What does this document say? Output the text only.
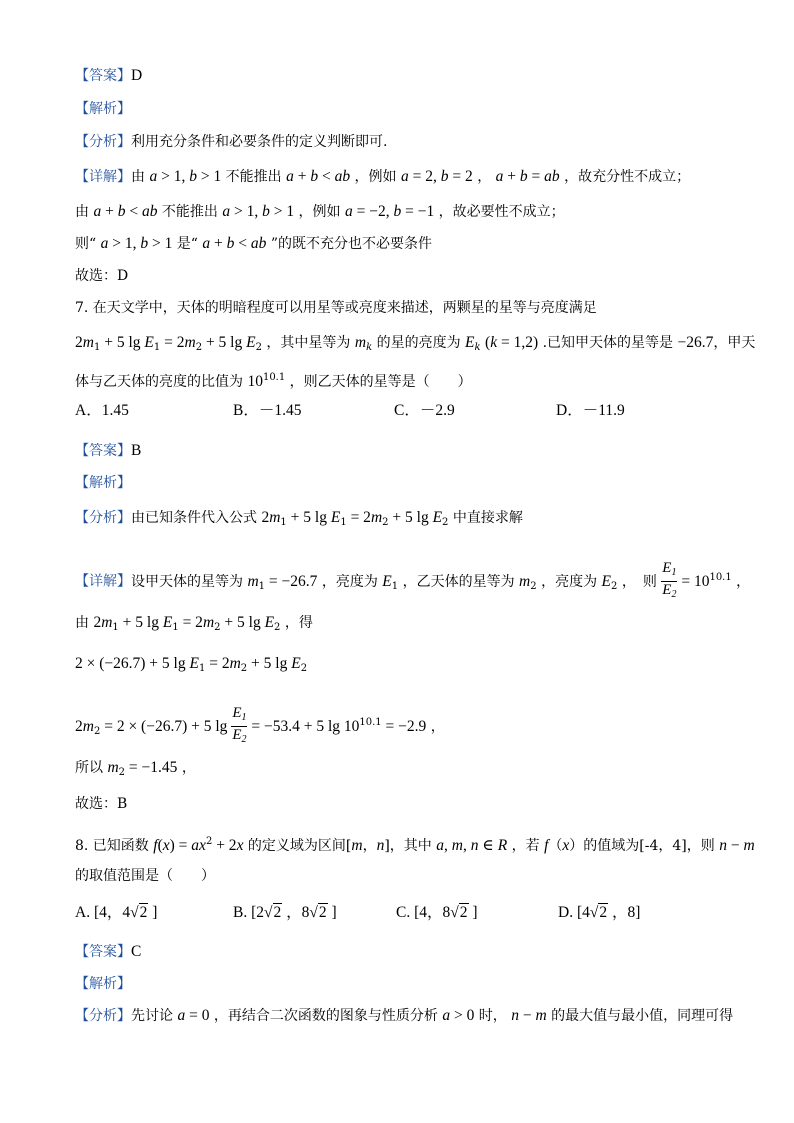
【答案】D
【解析】
【分析】利用充分条件和必要条件的定义判断即可.
【详解】由 a > 1, b > 1 不能推出 a + b < ab ，例如 a = 2, b = 2 ， a + b = ab ，故充分性不成立；
由 a + b < ab 不能推出 a > 1, b > 1 ，例如 a = −2, b = −1 ，故必要性不成立；
则“ a > 1, b > 1 是“ a + b < ab ”的既不充分也不必要条件
故选：D
7. 在天文学中，天体的明暗程度可以用星等或亮度来描述，两颗星的星等与亮度满足
$2m_1 + 5$ $\lg E_1 = 2m_2 + 5$ $\lg E_2$ ，其中星等为 $m_k$ 的星的亮度为 $E_k$ (k = 1,2) .已知甲天体的星等是 −26.7，甲天
体与乙天体的亮度的比值为 $10^{10.1}$ ，则乙天体的星等是（　　）
A．1.45	B．－1.45	C．－2.9	D．－11.9
【答案】B
【解析】
【分析】由已知条件代入公式 $2m_1 + 5$ $\lg E_1 = 2m_2 + 5$ $\lg E_2$ 中直接求解
【详解】设甲天体的星等为 $m_1 = -26.7$ ，亮度为 $E_1$ ，乙天体的星等为 $m_2$ ，亮度为 $E_2$ ，　则 $\frac{E_1}{E_2} = 10^{10.1}$ ，
由 $2m_1 + 5$ $\lg E_1 = 2m_2 + 5$ $\lg E_2$ ，得
2 × (−26.7) + 5 $\lg E_1 = 2m_2 + 5$ $\lg E_2$
$2m_2 = 2 \times (-26.7) + 5$ $\lg \frac{E_1}{E_2} = -53.4 + 5$ $\lg 10^{10.1} = -2.9$ ，
所以 $m_2 = -1.45$ ，
故选：B
8. 已知函数 $f(x) = ax^2 + 2x$ 的定义域为区间[m，n]，其中 a, m, n ∈ R ，若 f（x）的值域为[-4，4]，则 n − m
的取值范围是（　　）
A. [4，4√2 ]	B. [2√2 ，8√2 ]	C. [4，8√2 ]	D. [4√2 ，8]
【答案】C
【解析】
【分析】先讨论 a = 0 ，再结合二次函数的图象与性质分析 a > 0 时， n − m 的最大值与最小值，同理可得
